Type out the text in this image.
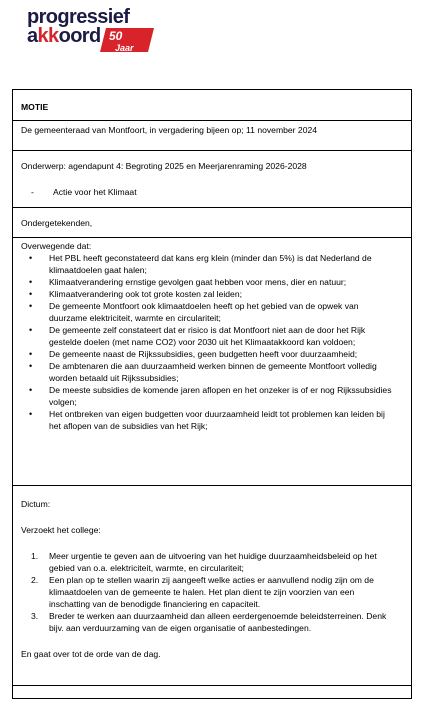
progressief
akkoord 50
Jaar
MOTIE
De gemeenteraad van Montfoort, in vergadering bijeen op; 11 november 2024
Onderwerp: agendapunt 4: Begroting 2025 en Meerjarenraming 2026-2028
- Actie voor het Klimaat
Ondergetekenden,
Overwegende dat:
• Het PBL heeft geconstateerd dat kans erg klein (minder dan 5%) is dat Nederland de klimaatdoelen gaat halen;
• Klimaatverandering ernstige gevolgen gaat hebben voor mens, dier en natuur;
• Klimaatverandering ook tot grote kosten zal leiden;
• De gemeente Montfoort ook klimaatdoelen heeft op het gebied van de opwek van duurzame elektriciteit, warmte en circulariteit;
• De gemeente zelf constateert dat er risico is dat Montfoort niet aan de door het Rijk gestelde doelen (met name CO2) voor 2030 uit het Klimaatakkoord kan voldoen;
• De gemeente naast de Rijkssubsidies, geen budgetten heeft voor duurzaamheid;
• De ambtenaren die aan duurzaamheid werken binnen de gemeente Montfoort volledig worden betaald uit Rijkssubsidies;
• De meeste subsidies de komende jaren aflopen en het onzeker is of er nog Rijkssubsidies volgen;
• Het ontbreken van eigen budgetten voor duurzaamheid leidt tot problemen kan leiden bij het aflopen van de subsidies van het Rijk;
Dictum:
Verzoekt het college:
1. Meer urgentie te geven aan de uitvoering van het huidige duurzaamheidsbeleid op het gebied van o.a. elektriciteit, warmte, en circulariteit;
2. Een plan op te stellen waarin zij aangeeft welke acties er aanvullend nodig zijn om de klimaatdoelen van de gemeente te halen. Het plan dient te zijn voorzien van een inschatting van de benodigde financiering en capaciteit.
3. Breder te werken aan duurzaamheid dan alleen eerdergenoemde beleidsterreinen. Denk bijv. aan verduurzaming van de eigen organisatie of aanbestedingen.
En gaat over tot de orde van de dag.
